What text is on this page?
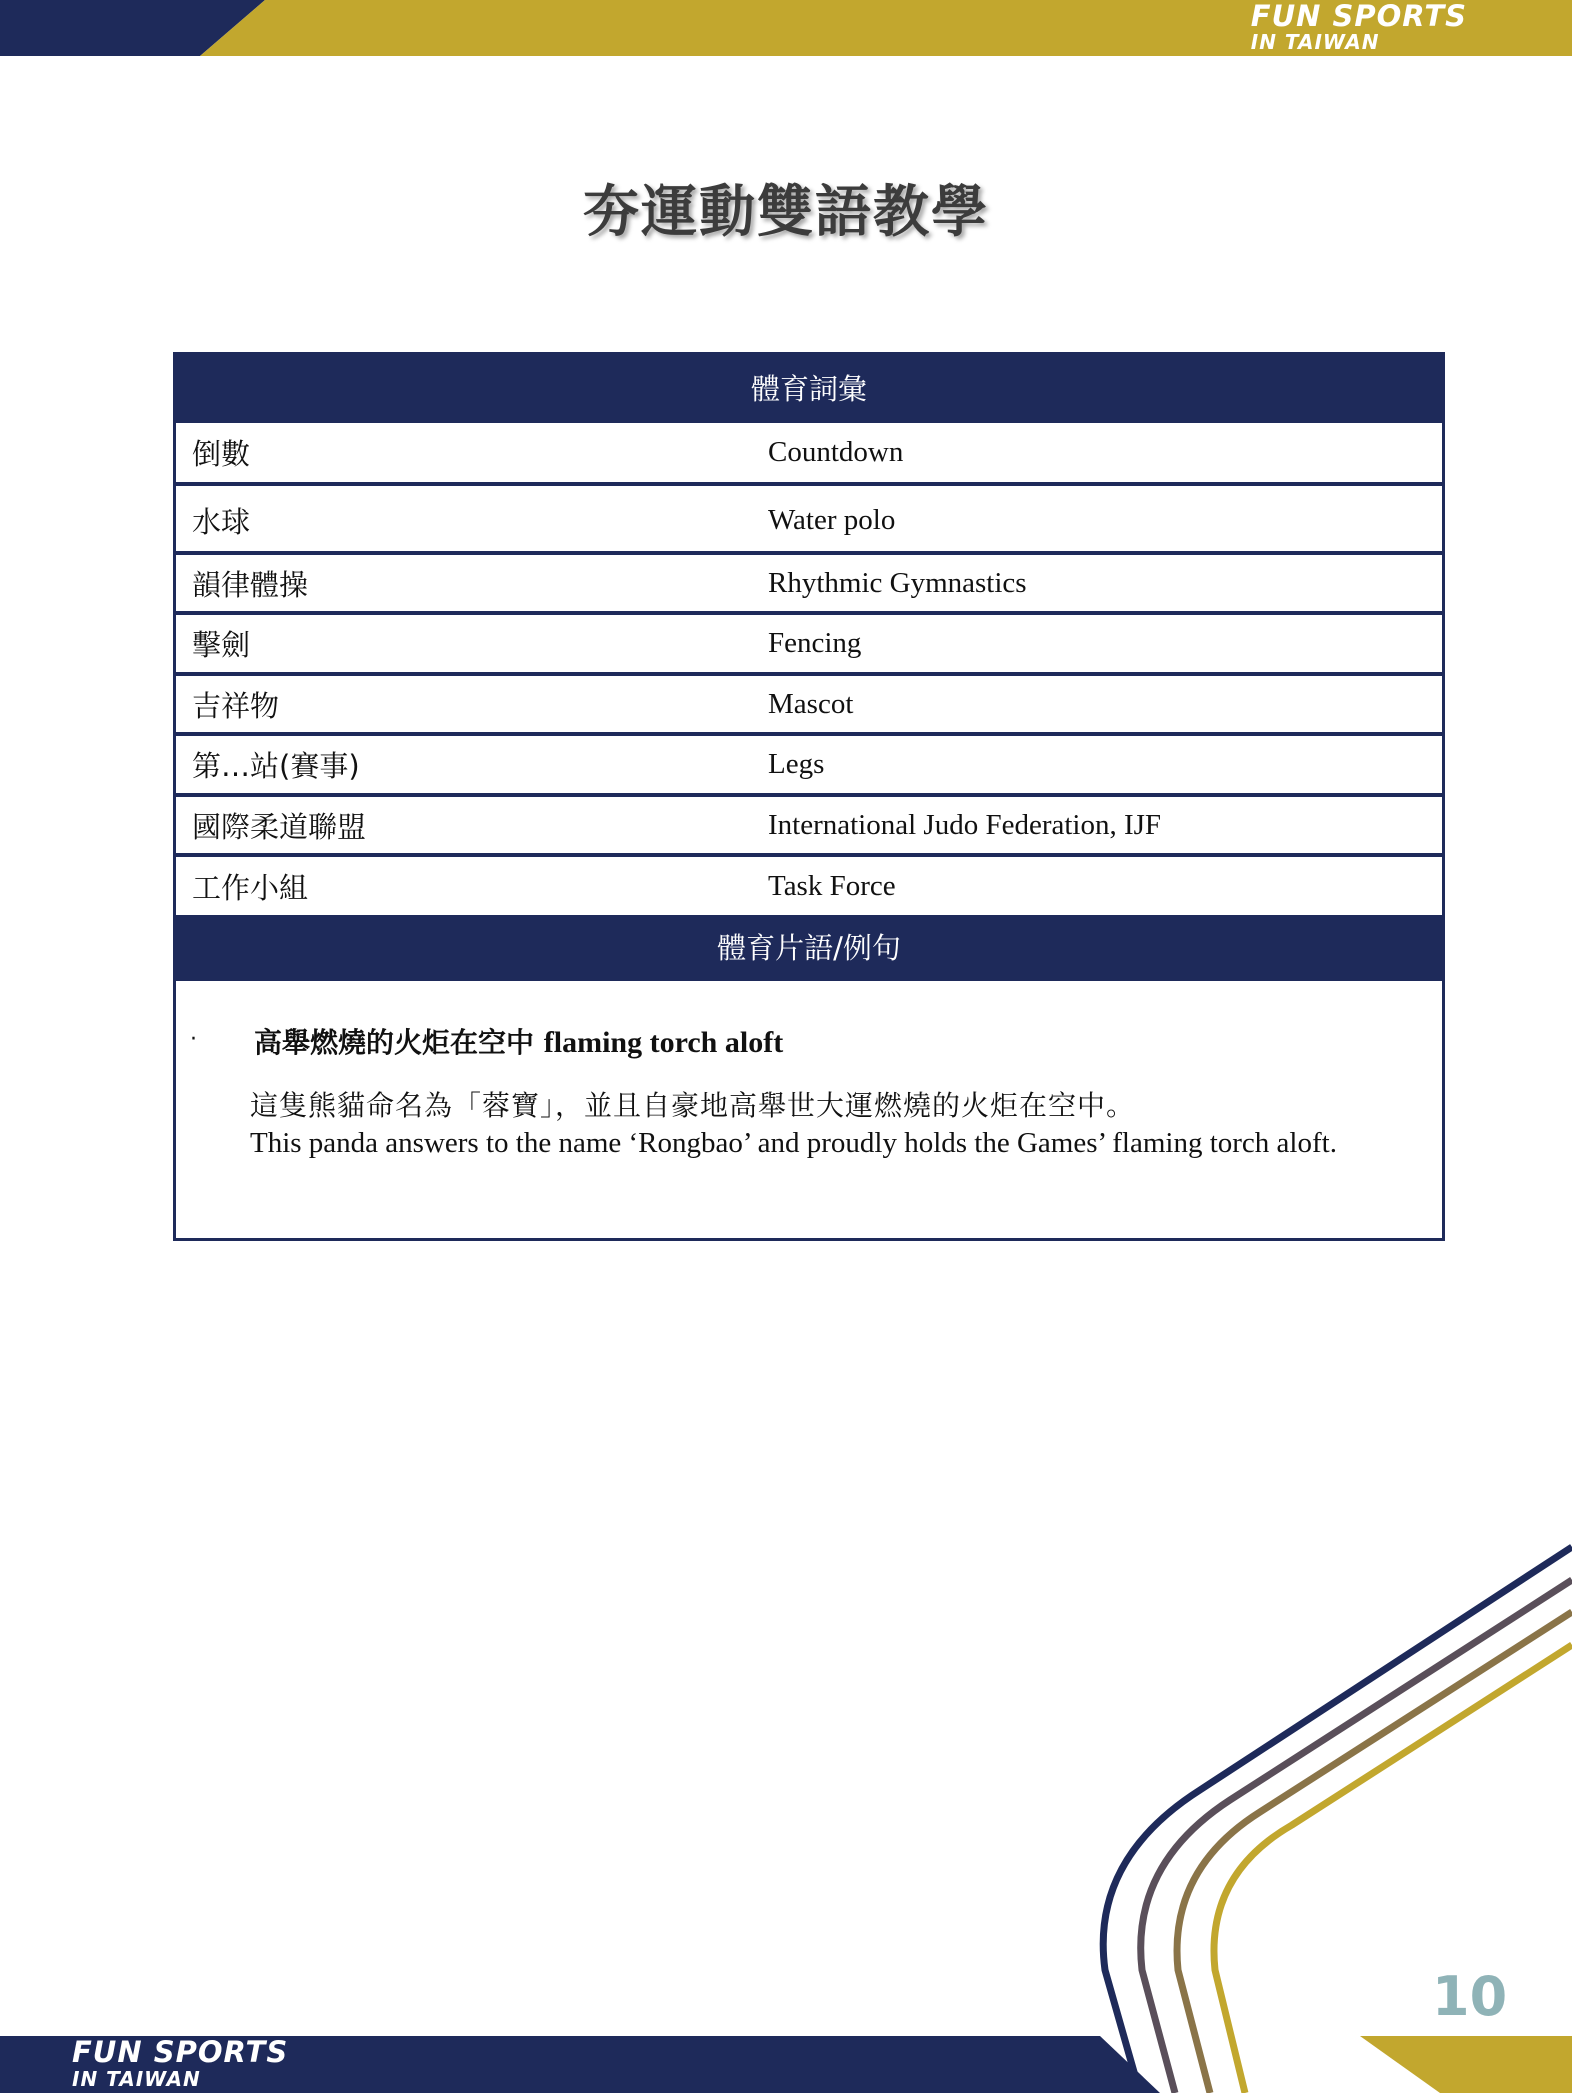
FUN SPORTS
IN TAIWAN
夯運動雙語教學
體育詞彙
倒數	Countdown
水球	Water polo
韻律體操	Rhythmic Gymnastics
擊劍	Fencing
吉祥物	Mascot
第…站(賽事)	Legs
國際柔道聯盟	International Judo Federation, IJF
工作小組	Task Force
體育片語/例句
· 高舉燃燒的火炬在空中 flaming torch aloft
這隻熊貓命名為「蓉寶」，並且自豪地高舉世大運燃燒的火炬在空中。
This panda answers to the name ‘Rongbao’ and proudly holds the Games’ flaming torch aloft.
10
FUN SPORTS
IN TAIWAN
